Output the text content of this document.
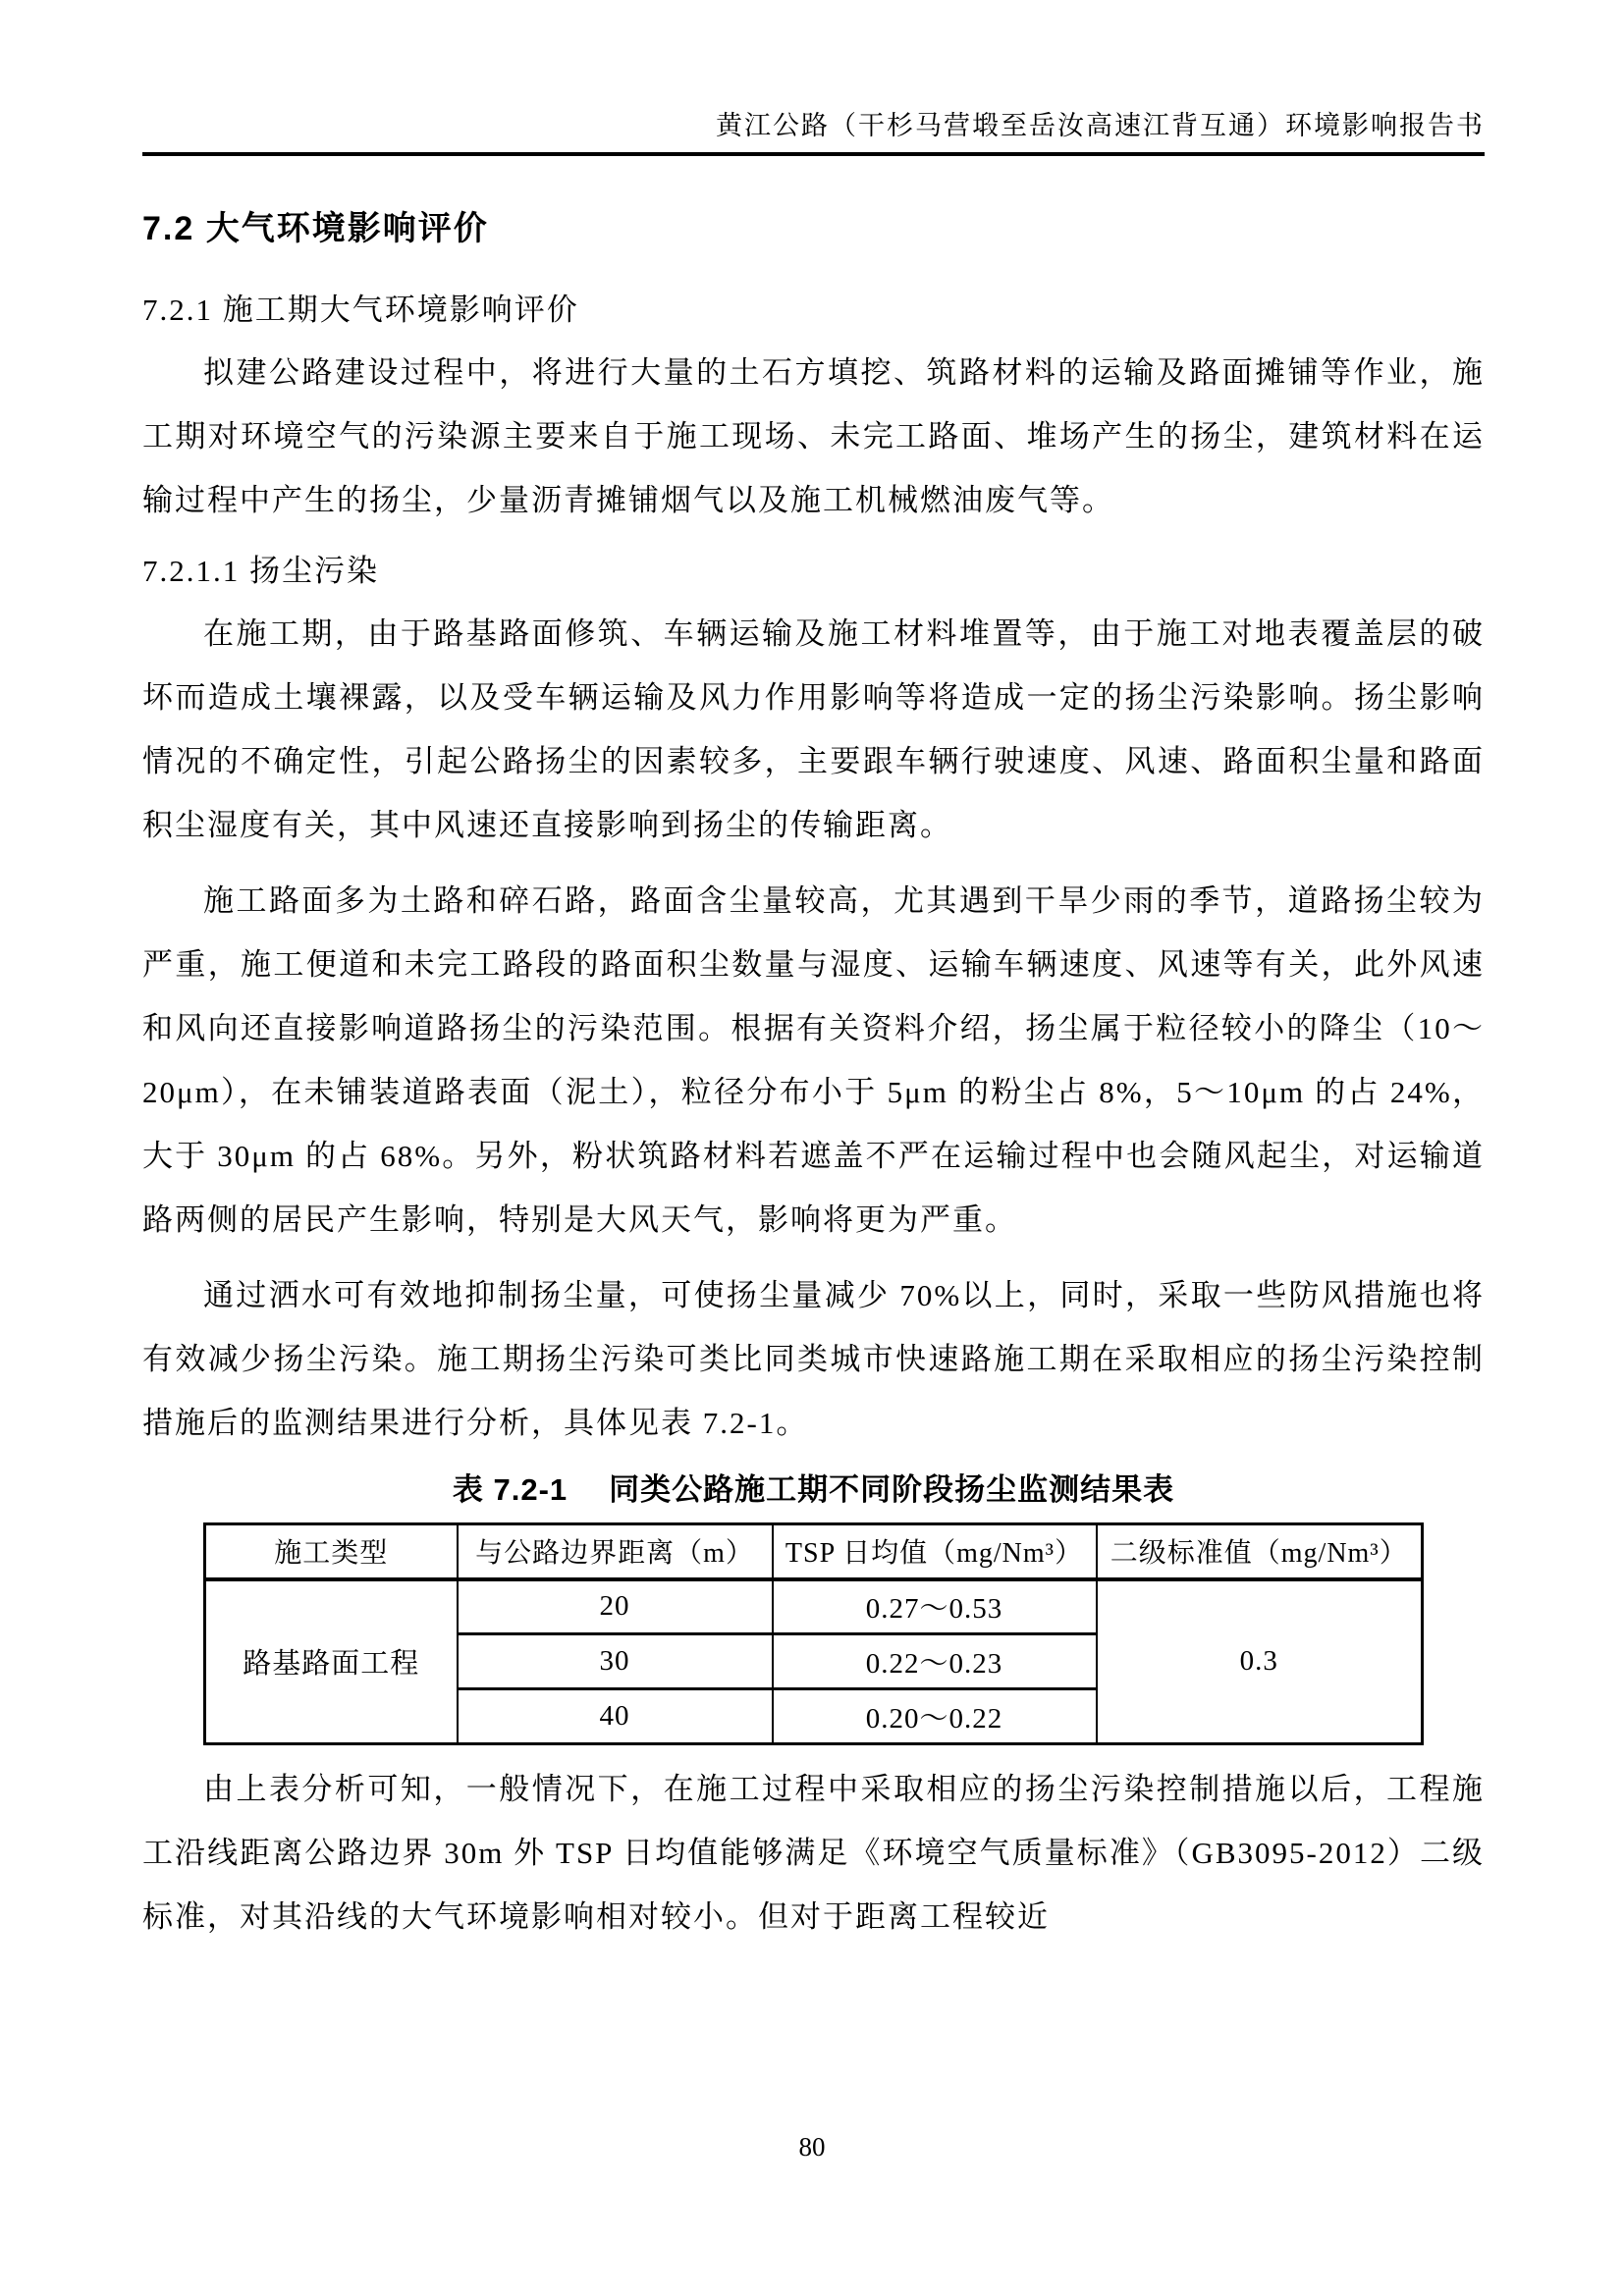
黄江公路（干杉马营塅至岳汝高速江背互通）环境影响报告书
7.2 大气环境影响评价
7.2.1 施工期大气环境影响评价

拟建公路建设过程中，将进行大量的土石方填挖、筑路材料的运输及路面摊铺等作业，施工期对环境空气的污染源主要来自于施工现场、未完工路面、堆场产生的扬尘，建筑材料在运输过程中产生的扬尘，少量沥青摊铺烟气以及施工机械燃油废气等。

7.2.1.1 扬尘污染

在施工期，由于路基路面修筑、车辆运输及施工材料堆置等，由于施工对地表覆盖层的破坏而造成土壤裸露，以及受车辆运输及风力作用影响等将造成一定的扬尘污染影响。扬尘影响情况的不确定性，引起公路扬尘的因素较多，主要跟车辆行驶速度、风速、路面积尘量和路面积尘湿度有关，其中风速还直接影响到扬尘的传输距离。

施工路面多为土路和碎石路，路面含尘量较高，尤其遇到干旱少雨的季节，道路扬尘较为严重，施工便道和未完工路段的路面积尘数量与湿度、运输车辆速度、风速等有关，此外风速和风向还直接影响道路扬尘的污染范围。根据有关资料介绍，扬尘属于粒径较小的降尘（10～20μm），在未铺装道路表面（泥土），粒径分布小于 5μm 的粉尘占 8%，5～10μm 的占 24%，大于 30μm 的占 68%。另外，粉状筑路材料若遮盖不严在运输过程中也会随风起尘，对运输道路两侧的居民产生影响，特别是大风天气，影响将更为严重。

通过洒水可有效地抑制扬尘量，可使扬尘量减少 70%以上，同时，采取一些防风措施也将有效减少扬尘污染。施工期扬尘污染可类比同类城市快速路施工期在采取相应的扬尘污染控制措施后的监测结果进行分析，具体见表 7.2-1。

表 7.2-1 同类公路施工期不同阶段扬尘监测结果表
施工类型	与公路边界距离（m）	TSP 日均值（mg/Nm³）	二级标准值（mg/Nm³）
路基路面工程	20	0.27～0.53	0.3
	30	0.22～0.23	
	40	0.20～0.22	

由上表分析可知，一般情况下，在施工过程中采取相应的扬尘污染控制措施以后，工程施工沿线距离公路边界 30m 外 TSP 日均值能够满足《环境空气质量标准》（GB3095-2012）二级标准，对其沿线的大气环境影响相对较小。但对于距离工程较近

80
